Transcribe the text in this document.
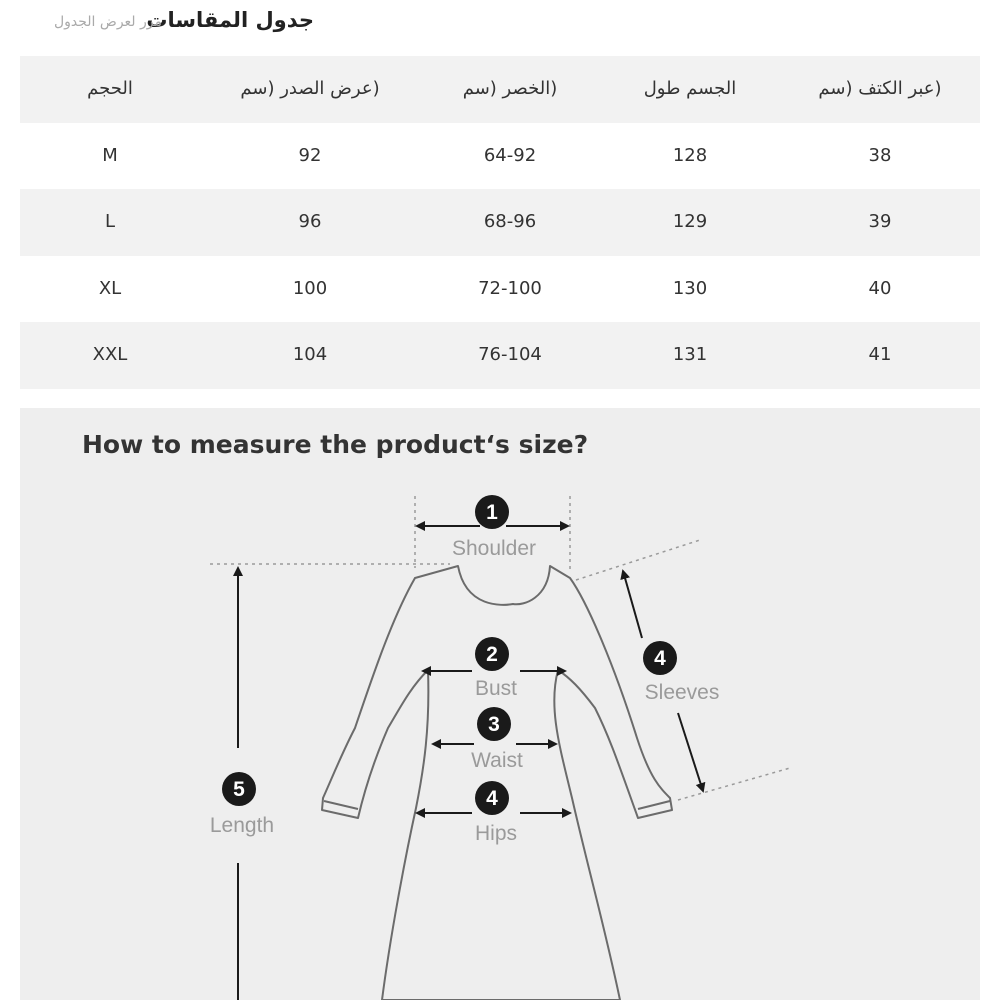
جدول المقاسات
مرر لعرض الجدول
الحجم	(عرض الصدر (سم	(الخصر (سم	الجسم طول	(عبر الكتف (سم
M	92	64-92	128	38
L	96	68-96	129	39
XL	100	72-100	130	40
XXL	104	76-104	131	41
How to measure the product‘s size?
1
Shoulder
2
Bust
3
Waist
4
Hips
4
Sleeves
5
Length
